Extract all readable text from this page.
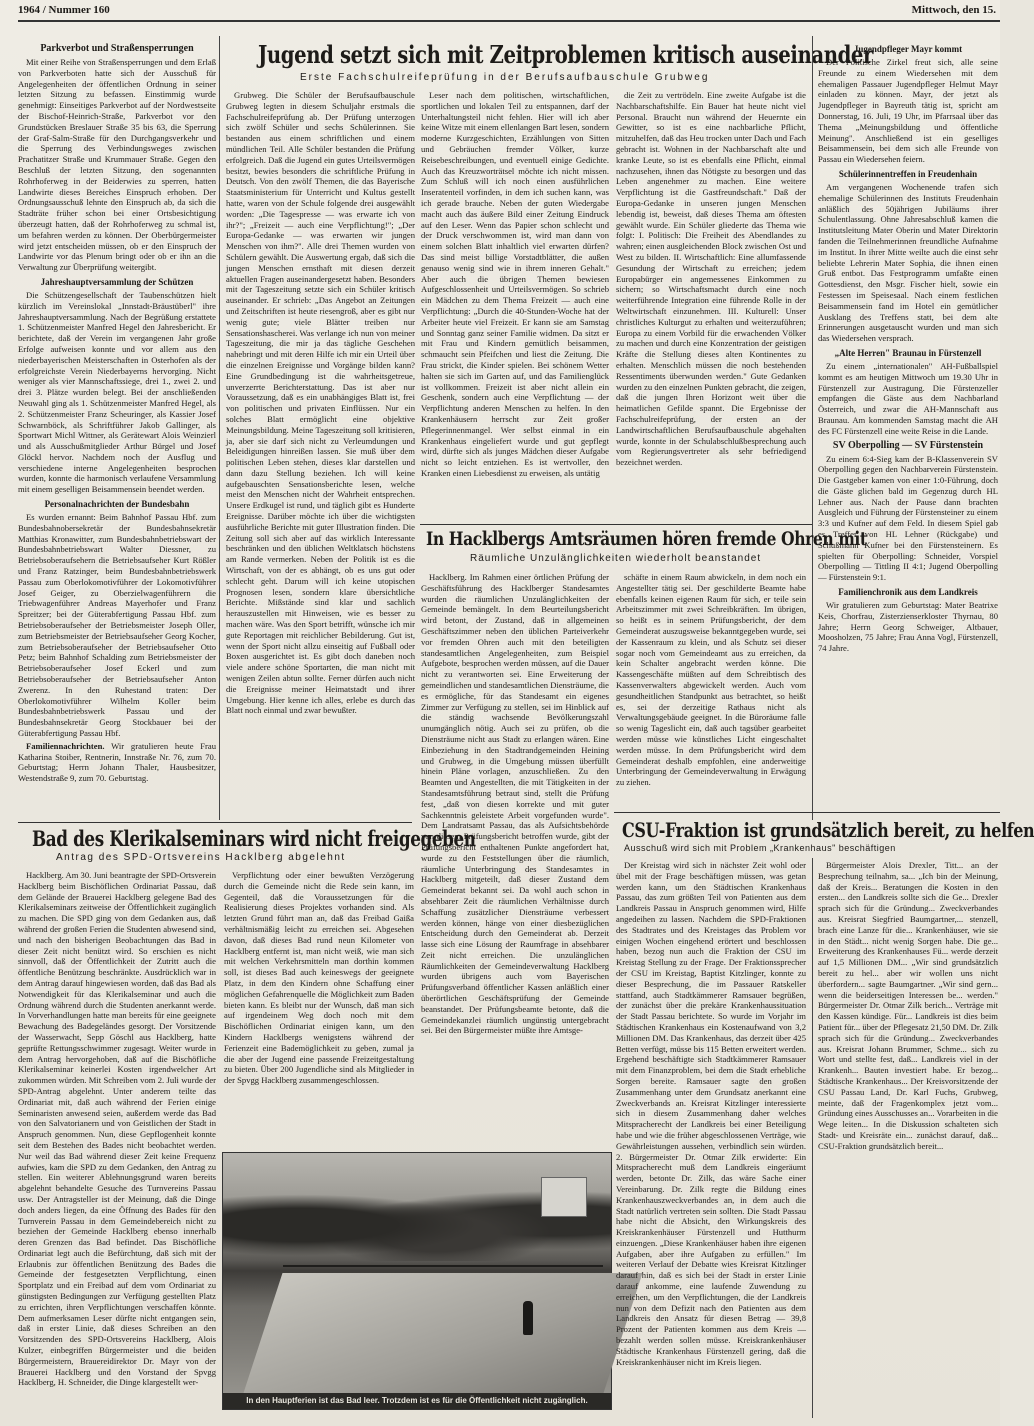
1964 / Nummer 160	Mittwoch, den 15.
Parkverbot und Straßensperrungen

Mit einer Reihe von Straßensperrungen und dem Erlaß von Parkverboten hatte sich der Ausschuß für Angelegenheiten der öffentlichen Ordnung in seiner letzten Sitzung zu befassen. Einstimmig wurde genehmigt: Einseitiges Parkverbot auf der Nordwestseite der Bischof-Heinrich-Straße, Parkverbot vor den Grundstücken Breslauer Straße 35 bis 63, die Sperrung der Graf-Salm-Straße für den Durchgangsverkehr und die Sperrung des Verbindungsweges zwischen Prachatitzer Straße und Krummauer Straße. Gegen den Beschluß der letzten Sitzung, den sogenannten Rohrhoferweg in der Beiderwies zu sperren, hatten Landwirte dieses Bereiches Einspruch erhoben. Der Ordnungsausschuß lehnte den Einspruch ab, da sich die Stadträte früher schon bei einer Ortsbesichtigung überzeugt hatten, daß der Rohrhoferweg zu schmal ist, um befahren werden zu können. Der Oberbürgermeister wird jetzt entscheiden müssen, ob er den Einspruch der Landwirte vor das Plenum bringt oder ob er ihn an die Verwaltung zur Überprüfung weitergibt.

Jahreshauptversammlung der Schützen

Die Schützengesellschaft der Taubenschützen hielt kürzlich im Vereinslokal „Innstadt-Bräustüberl" ihre Jahreshauptversammlung. Nach der Begrüßung erstattete 1. Schützenmeister Manfred Hegel den Jahresbericht. Er berichtete, daß der Verein im vergangenen Jahr große Erfolge aufweisen konnte und vor allem aus den niederbayerischen Meisterschaften in Osterhofen als der erfolgreichste Verein Niederbayerns hervorging. Nicht weniger als vier Mannschaftssiege, drei 1., zwei 2. und drei 3. Plätze wurden belegt. Bei der anschließenden Neuwahl ging als 1. Schützenmeister Manfred Hegel, als 2. Schützenmeister Franz Scheuringer, als Kassier Josef Schwarnböck, als Schriftführer Jakob Gallinger, als Sportwart Michl Wittner, als Gerätewart Alois Weinzierl und als Ausschußmitglieder Arthur Bürgel und Josef Glöckl hervor. Nachdem noch der Ausflug und verschiedene interne Angelegenheiten besprochen wurden, konnte die harmonisch verlaufene Versammlung mit einem geselligen Beisammensein beendet werden.

Personalnachrichten der Bundesbahn

Es wurden ernannt: Beim Bahnhof Passau Hbf. zum Bundesbahnobersekretär der Bundesbahnsekretär Matthias Kronawitter, zum Bundesbahnbetriebswart der Bundesbahnbetriebswart Walter Diessner, zu Betriebsoberaufsehern die Betriebsaufseher Kurt Rößler und Franz Ratzinger, beim Bundesbahnbetriebswerk Passau zum Oberlokomotivführer der Lokomotivführer Josef Geiger, zu Oberzielwagenführern die Triebwagenführer Andreas Mayerhofer und Franz Spreitzer; bei der Güterabfertigung Passau Hbf. zum Betriebsoberaufseher der Betriebsmeister Joseph Oller, zum Betriebsmeister der Betriebsaufseher Georg Kocher, zum Betriebsoberaufseher der Betriebsaufseher Otto Petz; beim Bahnhof Schalding zum Betriebsmeister der Betriebsoberaufseher Josef Eckerl und zum Betriebsoberaufseher der Betriebsaufseher Anton Zwerenz. In den Ruhestand traten: Der Oberlokomotivführer Wilhelm Koller beim Bundesbahnbetriebswerk Passau und der Bundesbahnsekretär Georg Stockbauer bei der Güterabfertigung Passau Hbf.

Familiennachrichten. Wir gratulieren heute Frau Katharina Stoiber, Rentnerin, Innstraße Nr. 76, zum 70. Geburtstag; Herrn Johann Thaler, Hausbesitzer, Westendstraße 9, zum 70. Geburtstag.

Jugend setzt sich mit Zeitproblemen kritisch auseinander
Erste Fachschulreifeprüfung in der Berufsaufbauschule Grubweg

Grubweg. Die Schüler der Berufsaufbauschule Grubweg legten in diesem Schuljahr erstmals die Fachschulreifeprüfung ab. Der Prüfung unterzogen sich zwölf Schüler und sechs Schülerinnen. Sie bestanden aus einem schriftlichen und einem mündlichen Teil. Alle Schüler bestanden die Prüfung erfolgreich. Daß die Jugend ein gutes Urteilsvermögen besitzt, bewies besonders die schriftliche Prüfung in Deutsch. Von den zwölf Themen, die das Bayerische Staatsministerium für Unterricht und Kultus gestellt hatte, waren von der Schule folgende drei ausgewählt worden: „Die Tagespresse — was erwarte ich von ihr?"; „Freizeit — auch eine Verpflichtung!"; „Der Europa-Gedanke — was erwarten wir jungen Menschen von ihm?". Alle drei Themen wurden von Schülern gewählt. Die Auswertung ergab, daß sich die jungen Menschen ernsthaft mit diesen derzeit aktuellen Fragen auseinandergesetzt haben. Besonders mit der Tageszeitung setzte sich ein Schüler kritisch auseinander. Er schrieb: „Das Angebot an Zeitungen und Zeitschriften ist heute riesengroß, aber es gibt nur wenig gute; viele Blätter treiben nur Sensationshascherei. Was verlange ich nun von meiner Tageszeitung, die mir ja das tägliche Geschehen nahebringt und mit deren Hilfe ich mir ein Urteil über die einzelnen Ereignisse und Vorgänge bilden kann? Eine Grundbedingung ist die wahrheitsgetreue, unverzerrte Berichterstattung. Das ist aber nur Voraussetzung, daß es ein unabhängiges Blatt ist, frei von politischen und privaten Einflüssen. Nur ein solches Blatt ermöglicht eine objektive Meinungsbildung. Meine Tageszeitung soll kritisieren, ja, aber sie darf sich nicht zu Verleumdungen und Beleidigungen hinreißen lassen. Sie muß über dem politischen Leben stehen, dieses klar darstellen und dann dazu Stellung beziehen. Ich will keine aufgebauschten Sensationsberichte lesen, welche meist den Menschen nicht der Wahrheit entsprechen. Unsere Erdkugel ist rund, und täglich gibt es Hunderte Ereignisse. Darüber möchte ich über die wichtigsten ausführliche Berichte mit guter Illustration finden. Die Zeitung soll sich aber auf das wirklich Interessante beschränken und den üblichen Weltklatsch höchstens am Rande vermerken. Neben der Politik ist es die Wirtschaft, von der es abhängt, ob es uns gut oder schlecht geht. Darum will ich keine utopischen Prognosen lesen, sondern klare übersichtliche Berichte. Mißstände sind klar und sachlich herauszustellen mit Hinweisen, wie es besser zu machen wäre. Was den Sport betrifft, wünsche ich mir gute Reportagen mit reichlicher Bebilderung. Gut ist, wenn der Sport nicht allzu einseitig auf Fußball oder Boxen ausgerichtet ist. Es gibt doch daneben noch viele andere schöne Sportarten, die man nicht mit wenigen Zeilen abtun sollte. Ferner dürfen auch nicht die Ereignisse meiner Heimatstadt und ihrer Umgebung. Hier kenne ich alles, erlebe es durch das Blatt noch einmal und zwar bewußter.

Leser nach dem politischen, wirtschaftlichen, sportlichen und lokalen Teil zu entspannen, darf der Unterhaltungsteil nicht fehlen. Hier will ich aber keine Witze mit einem ellenlangen Bart lesen, sondern moderne Kurzgeschichten, Erzählungen von Sitten und Gebräuchen fremder Völker, kurze Reisebeschreibungen, und eventuell einige Gedichte. Auch das Kreuzworträtsel möchte ich nicht missen. Zum Schluß will ich noch einen ausführlichen Inseratenteil vorfinden, in dem ich suchen kann, was ich gerade brauche. Neben der guten Wiedergabe macht auch das äußere Bild einer Zeitung Eindruck auf den Leser. Wenn das Papier schon schlecht und der Druck verschwommen ist, wird man dann von einem solchen Blatt inhaltlich viel erwarten dürfen? Das sind meist billige Vorstadtblätter, die außen genauso wenig sind wie in ihrem inneren Gehalt." Aber auch die übrigen Themen bewiesen Aufgeschlossenheit und Urteilsvermögen. So schrieb ein Mädchen zu dem Thema Freizeit — auch eine Verpflichtung: „Durch die 40-Stunden-Woche hat der Arbeiter heute viel Freizeit. Er kann sie am Samstag und Sonntag ganz seiner Familie widmen. Da sitzt er mit Frau und Kindern gemütlich beisammen, schmaucht sein Pfeifchen und liest die Zeitung. Die Frau strickt, die Kinder spielen. Bei schönem Wetter halten sie sich im Garten auf, und das Familienglück ist vollkommen. Freizeit ist aber nicht allein ein Geschenk, sondern auch eine Verpflichtung — der Verpflichtung anderen Menschen zu helfen. In den Krankenhäusern herrscht zur Zeit großer Pflegerinnenmangel. Wer selbst einmal in ein Krankenhaus eingeliefert wurde und gut gepflegt wird, dürfte sich als junges Mädchen dieser Aufgabe nicht so leicht entziehen. Es ist wertvoller, den Kranken einen Liebesdienst zu erweisen, als untätig

die Zeit zu vertrödeln. Eine zweite Aufgabe ist die Nachbarschaftshilfe. Ein Bauer hat heute nicht viel Personal. Braucht nun während der Heuernte ein Gewitter, so ist es eine nachbarliche Pflicht, mitzuhelfen, daß das Heu trocken unter Dach und Fach gebracht ist. Wohnen in der Nachbarschaft alte und kranke Leute, so ist es ebenfalls eine Pflicht, einmal nachzusehen, ihnen das Nötigste zu besorgen und das Leben angenehmer zu machen. Eine weitere Verpflichtung ist die Gastfreundschaft." Daß der Europa-Gedanke in unseren jungen Menschen lebendig ist, beweist, daß dieses Thema am öftesten gewählt wurde. Ein Schüler gliederte das Thema wie folgt: I. Politisch: Die Freiheit des Abendlandes zu wahren; einen ausgleichenden Block zwischen Ost und West zu bilden. II. Wirtschaftlich: Eine allumfassende Gesundung der Wirtschaft zu erreichen; jedem Europabürger ein angemessenes Einkommen zu sichern; so Wirtschaftsmacht durch eine noch weiterführende Integration eine führende Rolle in der Weltwirtschaft einzunehmen. III. Kulturell: Unser christliches Kulturgut zu erhalten und weiterzuführen; Europa zu einem Vorbild für die erwachenden Völker zu machen und durch eine Konzentration der geistigen Kräfte die Stellung dieses alten Kontinentes zu erhalten. Menschlich müssen die noch bestehenden Ressentiments überwunden werden." Gute Gedanken wurden zu den einzelnen Punkten gebracht, die zeigen, daß die jungen Ihren Horizont weit über die heimatlichen Gefilde spannt. Die Ergebnisse der Fachschulreifeprüfung, der ersten an der Landwirtschaftlichen Berufsaufbauschule abgehalten wurde, konnte in der Schulabschlußbesprechung auch vom Regierungsvertreter als sehr befriedigend bezeichnet werden.

In Hacklbergs Amtsräumen hören fremde Ohren mit
Räumliche Unzulänglichkeiten wiederholt beanstandet

Hacklberg. Im Rahmen einer örtlichen Prüfung der Geschäftsführung des Hacklberger Standesamtes wurden die räumlichen Unzulänglichkeiten der Gemeinde bemängelt. In dem Beurteilungsbericht wird betont, der Zustand, daß in allgemeinen Geschäftszimmer neben den üblichen Parteiverkehr vor fremden Ohren auch mit den beteiligten standesamtlichen Angelegenheiten, zum Beispiel Aufgebote, besprochen werden müssen, auf die Dauer nicht zu verantworten sei. Eine Erweiterung der gemeindlichen und standesamtlichen Diensträume, die es ermögliche, für das Standesamt ein eigenes Zimmer zur Verfügung zu stellen, sei im Hinblick auf die ständig wachsende Bevölkerungszahl unumgänglich nötig. Auch sei zu prüfen, ob die Diensträume nicht aus Stadt zu erlangen wären. Eine Einbeziehung in den Stadtrandgemeinden Heining und Grubweg, in die Umgebung müssen überfüllt hinein Pläne vorlagen, anzuschließen. Zu den Beamten und Angestellten, die mit Tätigkeiten in der Standesamtsführung betraut sind, stellt die Prüfung fest, „daß von diesen korrekte und mit guter Sachkenntnis geleistete Arbeit vorgefunden wurde". Dem Landratsamt Passau, das als Aufsichtsbehörde von diesem Prüfungsbericht betroffen wurde, gibt der Prüfungsbericht enthaltenen Punkte angefordert hat, wurde zu den Feststellungen über die räumlich, räumliche Unterbringung des Standesamtes in Hacklberg mitgeteilt, daß dieser Zustand dem Gemeinderat bekannt sei. Da wohl auch schon in absehbarer Zeit die räumlichen Verhältnisse durch Schaffung zusätzlicher Diensträume verbessert werden können, hänge von einer diesbezüglichen Entscheidung durch den Gemeinderat ab. Derzeit lasse sich eine Lösung der Raumfrage in absehbarer Zeit nicht erreichen. Die unzulänglichen Räumlichkeiten der Gemeindeverwaltung Hacklberg wurden übrigens auch vom Bayerischen Prüfungsverband öffentlicher Kassen anläßlich einer überörtlichen Geschäftsprüfung der Gemeinde beanstandet. Der Prüfungsbeamte betonte, daß die Gemeindekanzlei räumlich ungünstig untergebracht sei. Bei den Bürgermeister müßte ihre Amtsge-

schäfte in einem Raum abwickeln, in dem noch ein Angestellter tätig sei. Der geschilderte Beamte habe ebenfalls keinen eigenen Raum für sich, er teile sein Arbeitszimmer mit zwei Schreibkräften. Im übrigen, so heißt es in seinem Prüfungsbericht, der dem Gemeinderat auszugsweise bekanntgegeben wurde, sei der Kassenraum zu klein, und als Schutz sei dieser sogar noch vom Gemeindeamt aus zu erreichen, da kein Schalter angebracht werden könne. Die Kassengeschäfte müßten auf dem Schreibtisch des Kassenverwalters abgewickelt werden. Auch vom gesundheitlichen Standpunkt aus betrachtet, so heißt es, sei der derzeitige Rathaus nicht als Verwaltungsgebäude geeignet. In die Büroräume falle so wenig Tageslicht ein, daß auch tagsüber gearbeitet werden müsse wie künstliches Licht eingeschaltet werden müsse. In dem Prüfungsbericht wird dem Gemeinderat deshalb empfohlen, eine anderweitige Unterbringung der Gemeindeverwaltung in Erwägung zu ziehen.

Bad des Klerikalseminars wird nicht freigegeben
Antrag des SPD-Ortsvereins Hacklberg abgelehnt

Hacklberg. Am 30. Juni beantragte der SPD-Ortsverein Hacklberg beim Bischöflichen Ordinariat Passau, daß dem Gelände der Brauerei Hacklberg gelegene Bad des Klerikalseminars zeitweise der Öffentlichkeit zugänglich zu machen. Die SPD ging von dem Gedanken aus, daß während der großen Ferien die Studenten abwesend sind, und nach den bisherigen Beobachtungen das Bad in dieser Zeit nicht benützt wird. So erschien es nicht sinnvoll, daß der Öffentlichkeit der Zutritt auch die öffentliche Benützung beschränkte. Ausdrücklich war in dem Antrag darauf hingewiesen worden, daß das Bad als Notwendigkeit für das Klerikalseminar und auch die Ordnung während durch die Studenten anerkannt werde. In Vorverhandlungen hatte man bereits für eine geeignete Bewachung des Badegeländes gesorgt. Der Vorsitzende der Wasserwacht, Sepp Göschl aus Hacklberg, hatte geprüfte Rettungsschwimmer zugesagt. Weiter wurde in dem Antrag hervorgehoben, daß auf die Bischöfliche Klerikalseminar keinerlei Kosten irgendwelcher Art zukommen würden. Mit Schreiben vom 2. Juli wurde der SPD-Antrag abgelehnt. Unter anderem teilte das Ordinariat mit, daß auch während der Ferien einige Seminaristen anwesend seien, außerdem werde das Bad von den Salvatorianern und von Geistlichen der Stadt in Anspruch genommen. Nun, diese Gepflogenheit konnte seit dem Bestehen des Bades nicht beobachtet werden. Nur weil das Bad während dieser Zeit keine Frequenz aufwies, kam die SPD zu dem Gedanken, den Antrag zu stellen. Ein weiterer Ablehnungsgrund waren bereits abgelehnt behandelte Gesuche des Turnvereins Passau usw. Der Antragsteller ist der Meinung, daß die Dinge doch anders liegen, da eine Öffnung des Bades für den Turnverein Passau in dem Gemeindebereich nicht zu beziehen der Gemeinde Hacklberg ebenso innerhalb deren Grenzen das Bad befindet. Das Bischöfliche Ordinariat legt auch die Befürchtung, daß sich mit der Erlaubnis zur öffentlichen Benützung des Bades die Gemeinde der festgesetzten Verpflichtung, einen Sportplatz und ein Freibad auf dem vom Ordinariat zu günstigsten Bedingungen zur Verfügung gestellten Platz zu errichten, ihren Verpflichtungen verschaffen könnte. Dem aufmerksamen Leser dürfte nicht entgangen sein, daß in erster Linie, daß dieses Schreiben an den Vorsitzenden des SPD-Ortsvereins Hacklberg, Alois Kulzer, einbegriffen Bürgermeister und die beiden Bürgermeistern, Brauereidirektor Dr. Mayr von der Brauerei Hacklberg und den Vorstand der Spvgg Hacklberg, H. Schneider, die Dinge klargestellt wer-

Verpflichtung oder einer bewußten Verzögerung durch die Gemeinde nicht die Rede sein kann, im Gegenteil, daß die Voraussetzungen für die Realisierung dieses Projektes vorhanden sind. Als letzten Grund führt man an, daß das Freibad Gaißa verhältnismäßig leicht zu erreichen sei. Abgesehen davon, daß dieses Bad rund neun Kilometer von Hacklberg entfernt ist, man nicht weiß, wie man sich mit welchen Verkehrsmitteln man dorthin kommen soll, ist dieses Bad auch keineswegs der geeignete Platz, in dem den Kindern ohne Schaffung einer möglichen Gefahrenquelle die Möglichkeit zum Baden bieten kann. Es bleibt nur der Wunsch, daß man sich auf irgendeinem Weg doch noch mit dem Bischöflichen Ordinariat einigen kann, um den Kindern Hacklbergs wenigstens während der Ferienzeit eine Bademöglichkeit zu geben, zumal ja die aber der Jugend eine passende Freizeitgestaltung zu bieten. Über 200 Jugendliche sind als Mitglieder in der Spvgg Hacklberg zusammengeschlossen.

In den Hauptferien ist das Bad leer. Trotzdem ist es für die Öffentlichkeit nicht zugänglich.
CSU-Fraktion ist grundsätzlich bereit, zu helfen
Ausschuß wird sich mit Problem „Krankenhaus" beschäftigen

Der Kreistag wird sich in nächster Zeit wohl oder übel mit der Frage beschäftigen müssen, was getan werden kann, um den Städtischen Krankenhaus Passau, das zum größten Teil von Patienten aus dem Landkreis Passau in Anspruch genommen wird, Hilfe angedeihen zu lassen. Nachdem die SPD-Fraktionen des Stadtrates und des Kreistages das Problem vor einigen Wochen eingehend erörtert und beschlossen haben, bezog nun auch die Fraktion der CSU im Kreistag Stellung zu der Frage. Der Fraktionssprecher der CSU im Kreistag, Baptist Kitzlinger, konnte zu dieser Besprechung, die im Passauer Ratskeller stattfand, auch Stadtkämmerer Ramsauer begrüßen, der zunächst über die prekäre Krankenhaussituation der Stadt Passau berichtete. So wurde im Vorjahr im Städtischen Krankenhaus ein Kostenaufwand von 3,2 Millionen DM. Das Krankenhaus, das derzeit über 425 Betten verfügt, müsse bis 115 Betten erweitert werden. Ergehend beschäftigte sich Stadtkämmerer Ramsauer mit dem Finanzproblem, bei dem die Stadt erhebliche Sorgen bereite. Ramsauer sagte den großen Zusammenhang unter dem Grundsatz anerkannt eine Zweckverbands an. Kreisrat Kitzlinger interessierte sich in diesem Zusammenhang daher welches Mitspracherecht der Landkreis bei einer Beteiligung habe und wie die früher abgeschlossenen Verträge, wie Gewährleistungen aussehen, verbindlich sein würden. 2. Bürgermeister Dr. Otmar Zilk erwiderte: Ein Mitspracherecht muß dem Landkreis eingeräumt werden, betonte Dr. Zilk, das wäre Sache einer Vereinbarung. Dr. Zilk regte die Bildung eines Krankenhauszweckverbandes an, in dem auch die Stadt natürlich vertreten sein sollten. Die Stadt Passau habe nicht die Absicht, den Wirkungskreis des Kreiskrankenhäuser Fürstenzell und Hutthurm einzuengen. „Diese Krankenhäuser haben ihre eigenen Aufgaben, aber ihre Aufgaben zu erfüllen." Im weiteren Verlauf der Debatte wies Kreisrat Kitzlinger darauf hin, daß es sich bei der Stadt in erster Linie darauf ankomme, eine laufende Zuwendung zu erreichen, um den Verpflichtungen, die der Landkreis nun von dem Defizit nach den Patienten aus dem Landkreis den Ansatz für diesen Betrag — 39,8 Prozent der Patienten kommen aus dem Kreis — bezahlt werden sollen müsse. Kreiskrankenhäuser Städtische Krankenhaus Fürstenzell gering, daß die Kreiskrankenhäuser nicht im Kreis liegen.

Bürgermeister Alois Drexler, Titt... an der Besprechung teilnahm, sa... „Ich bin der Meinung, daß der Kreis... Beratungen die Kosten in den ersten... den Landkreis sollte sich die Ge... Drexler sprach sich für die Gründung... Zweckverbandes aus. Kreisrat Siegfried Baumgartner,... stenzell, brach eine Lanze für die... Krankenhäuser, wie sie in den Städt... nicht wenig Sorgen habe. Die ge... Erweiterung des Krankenhauses Fü... werde derzeit auf 1,5 Millionen DM... „Wir sind grundsätzlich bereit zu hel... aber wir wollen uns nicht überfordern... sagte Baumgartner. „Wir sind gern... wenn die beiderseitigen Interessen be... werden." Bürgermeister Dr. Otmar Zilk berich... Verträge mit den Kassen kündige. Für... Landkreis ist dies beim Patient für... über der Pflegesatz 21,50 DM. Dr. Zilk sprach sich für die Gründung... Zweckverbandes aus. Kreisrat Johann Brummer, Schme... sich zu Wort und stellte fest, daß... Landkreis viel in der Krankenh... Bauten investiert habe. Er bezog... Städtische Krankenhaus... Der Kreisvorsitzende der CSU Passau Land, Dr. Karl Fuchs, Grubweg, meinte, daß der Fragenkomplex jetzt vom... Gründung eines Ausschusses an... Vorarbeiten in die Wege leiten... In die Diskussion schalteten sich Stadt- und Kreisräte ein... zunächst darauf, daß... CSU-Fraktion grundsätzlich bereit...

Jugendpfleger Mayr kommt

Der Politische Zirkel freut sich, alle seine Freunde zu einem Wiedersehen mit dem ehemaligen Passauer Jugendpfleger Helmut Mayr einladen zu können. Mayr, der jetzt als Jugendpfleger in Bayreuth tätig ist, spricht am Donnerstag, 16. Juli, 19 Uhr, im Pfarrsaal über das Thema „Meinungsbildung und öffentliche Meinung". Anschließend ist ein geselliges Beisammensein, bei dem sich alle Freunde von Passau ein Wiedersehen feiern.

Schülerinnentreffen in Freudenhain

Am vergangenen Wochenende trafen sich ehemalige Schülerinnen des Instituts Freudenhain anläßlich des 50jährigen Jubiläums ihrer Schulentlassung. Ohne Jahresabschluß kamen die Institutsleitung Mater Oberin und Mater Direktorin fanden die Teilnehmerinnen freundliche Aufnahme im Institut. In ihrer Mitte weilte auch die einst sehr beliebte Lehrerin Mater Sophia, die ihnen einen Gruß entbot. Das Festprogramm umfaßte einen Gottesdienst, den Msgr. Fischer hielt, sowie ein Festessen im Speisesaal. Nach einem festlichen Beisammensein fand im Hotel ein gemütlicher Ausklang des Treffens statt, bei dem alte Erinnerungen ausgetauscht wurden und man sich das Wiedersehen versprach.

„Alte Herren" Braunau in Fürstenzell

Zu einem „internationalen" AH-Fußballspiel kommt es am heutigen Mittwoch um 19.30 Uhr in Fürstenzell zur Austragung. Die Fürstenzeller empfangen die Gäste aus dem Nachbarland Österreich, und zwar die AH-Mannschaft aus Braunau. Am kommenden Samstag macht die AH des FC Fürstenzell eine weite Reise in die Lande.

SV Oberpolling — SV Fürstenstein

Zu einem 6:4-Sieg kam der B-Klassenverein SV Oberpolling gegen den Nachbarverein Fürstenstein. Die Gastgeber kamen von einer 1:0-Führung, doch die Gäste glichen bald im Gegenzug durch HL Lehner aus. Nach der Pause dann brachten Ausgleich und Führung der Fürstensteiner zu einem 3:3 und Kufner auf dem Feld. In diesem Spiel gab es Treffer von HL Lehner (Rückgabe) und Schußmann Kufner bei den Fürstensteinern. Es spielten für Oberpolling: Schneider, Vorspiel Oberpolling — Tittling II 4:1; Jugend Oberpolling — Fürstenstein 9:1.

Familienchronik aus dem Landkreis

Wir gratulieren zum Geburtstag: Mater Beatrixe Keis, Chorfrau, Zisterzienserkloster Thyrnau, 80 Jahre; Herrn Georg Schweiger, Altbauer, Moosholzen, 75 Jahre; Frau Anna Vogl, Fürstenzell, 74 Jahre.
